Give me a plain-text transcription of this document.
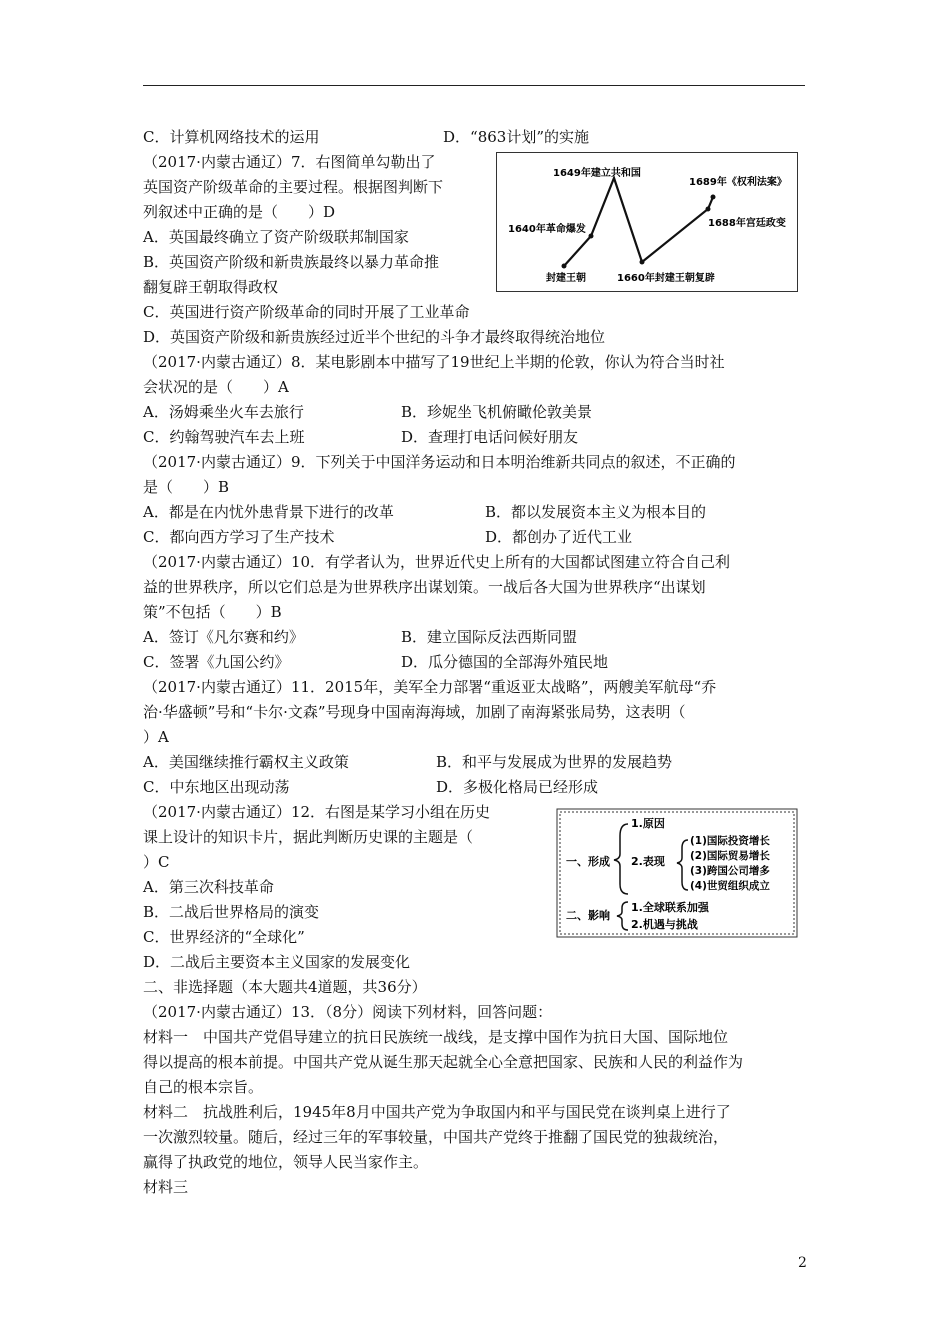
C．计算机网络技术的运用	D．“863计划”的实施
（2017·内蒙古通辽）7．右图简单勾勒出了
英国资产阶级革命的主要过程。根据图判断下
列叙述中正确的是（　　）D
A．英国最终确立了资产阶级联邦制国家
B．英国资产阶级和新贵族最终以暴力革命推
翻复辟王朝取得政权
C．英国进行资产阶级革命的同时开展了工业革命
D．英国资产阶级和新贵族经过近半个世纪的斗争才最终取得统治地位
1649年建立共和国
1689年《权利法案》
1640年革命爆发
1688年宫廷政变
封建王朝	1660年封建王朝复辟
（2017·内蒙古通辽）8．某电影剧本中描写了19世纪上半期的伦敦，你认为符合当时社
会状况的是（　　）A
A．汤姆乘坐火车去旅行	B．珍妮坐飞机俯瞰伦敦美景
C．约翰驾驶汽车去上班	D．查理打电话问候好朋友
（2017·内蒙古通辽）9．下列关于中国洋务运动和日本明治维新共同点的叙述，不正确的
是（　　）B
A．都是在内忧外患背景下进行的改革	B．都以发展资本主义为根本目的
C．都向西方学习了生产技术	D．都创办了近代工业
（2017·内蒙古通辽）10．有学者认为，世界近代史上所有的大国都试图建立符合自己利
益的世界秩序，所以它们总是为世界秩序出谋划策。一战后各大国为世界秩序“出谋划
策”不包括（　　）B
A．签订《凡尔赛和约》	B．建立国际反法西斯同盟
C．签署《九国公约》	D．瓜分德国的全部海外殖民地
（2017·内蒙古通辽）11．2015年，美军全力部署“重返亚太战略”，两艘美军航母“乔
治·华盛顿”号和“卡尔·文森”号现身中国南海海域，加剧了南海紧张局势，这表明（
）A
A．美国继续推行霸权主义政策	B．和平与发展成为世界的发展趋势
C．中东地区出现动荡	D．多极化格局已经形成
（2017·内蒙古通辽）12．右图是某学习小组在历史
课上设计的知识卡片，据此判断历史课的主题是（
）C
A．第三次科技革命
B．二战后世界格局的演变
C．世界经济的“全球化”
D．二战后主要资本主义国家的发展变化
一、形成
1.原因
2.表现
(1)国际投资增长
(2)国际贸易增长
(3)跨国公司增多
(4)世贸组织成立
二、影响
1.全球联系加强
2.机遇与挑战
二、非选择题（本大题共4道题，共36分）
（2017·内蒙古通辽）13．（8分）阅读下列材料，回答问题：
材料一　中国共产党倡导建立的抗日民族统一战线，是支撑中国作为抗日大国、国际地位
得以提高的根本前提。中国共产党从诞生那天起就全心全意把国家、民族和人民的利益作为
自己的根本宗旨。
材料二　抗战胜利后，1945年8月中国共产党为争取国内和平与国民党在谈判桌上进行了
一次激烈较量。随后，经过三年的军事较量，中国共产党终于推翻了国民党的独裁统治，
赢得了执政党的地位，领导人民当家作主。
材料三
2
